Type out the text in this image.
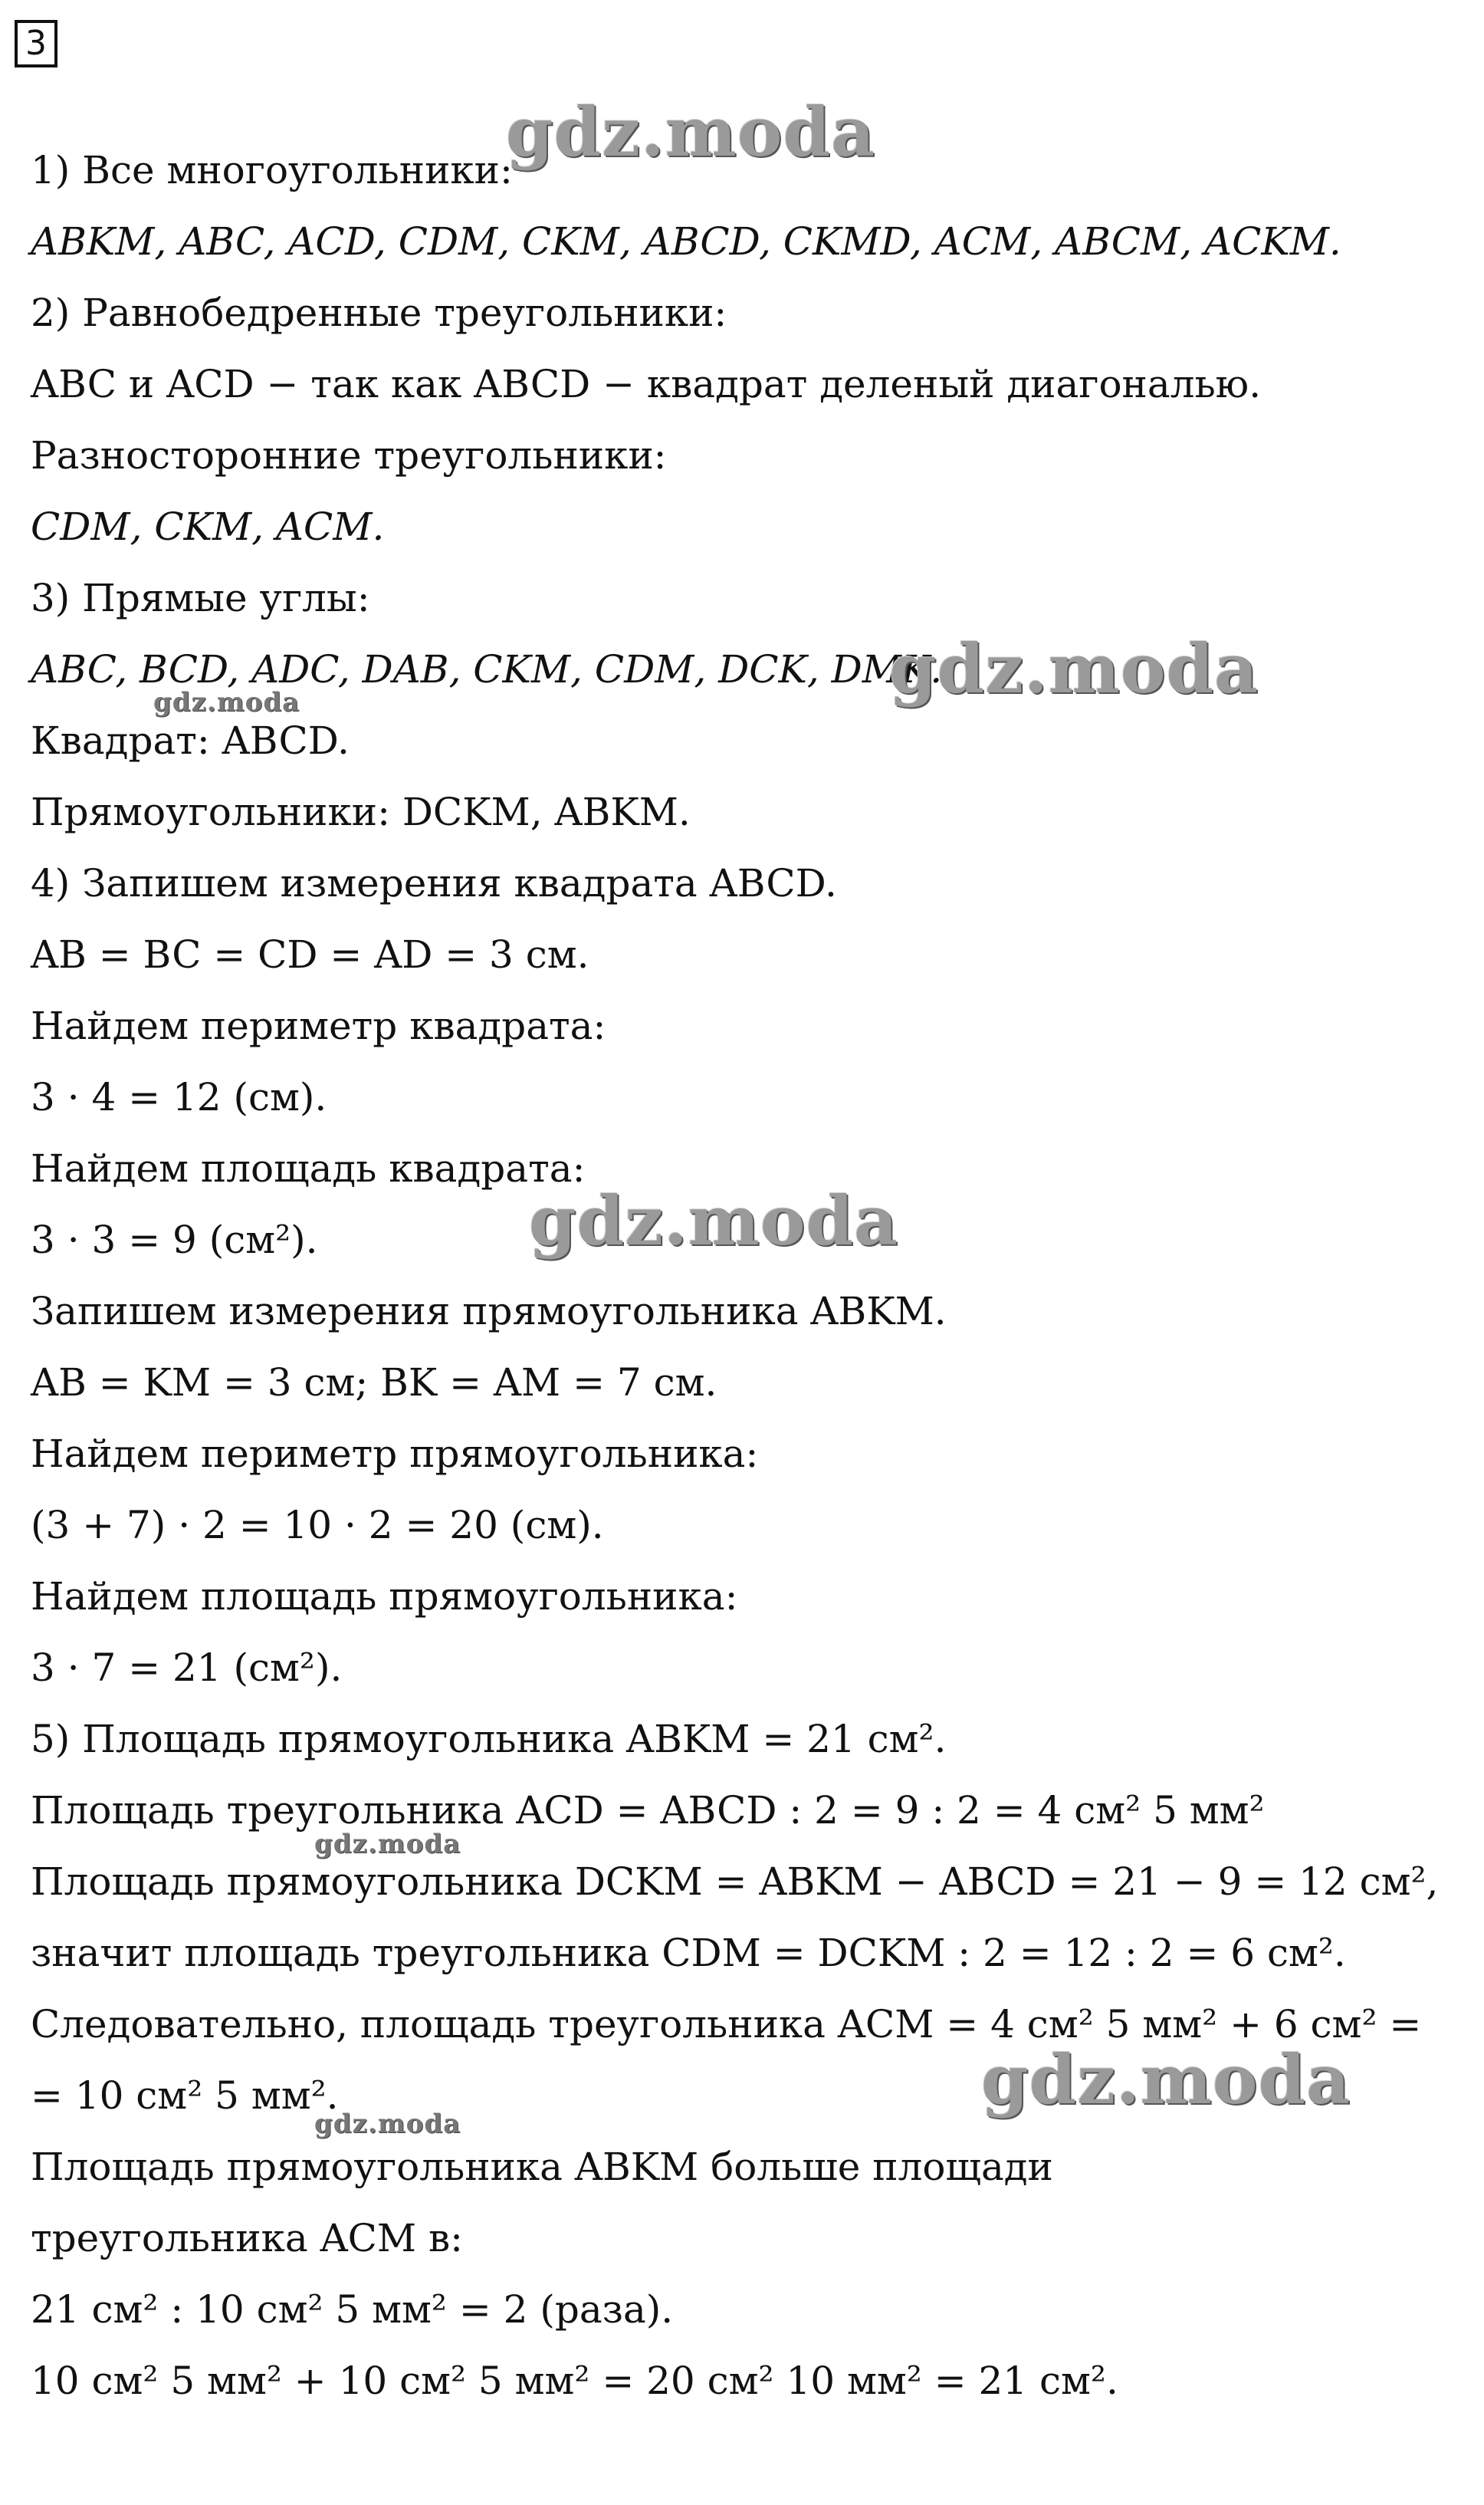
3
1) Все многоугольники:
ABKM, ABC, ACD, CDM, CKM, ABCD, CKMD, ACM, ABCM, ACKM.
2) Равнобедренные треугольники:
ABC и ACD − так как ABCD − квадрат деленый диагональю.
Разносторонние треугольники:
CDM, CKM, ACM.
3) Прямые углы:
ABC, BCD, ADC, DAB, CKM, CDM, DCK, DMK.
Квадрат: ABCD.
Прямоугольники: DCKM, ABKM.
4) Запишем измерения квадрата ABCD.
AB = BC = CD = AD = 3 см.
Найдем периметр квадрата:
3 · 4 = 12 (см).
Найдем площадь квадрата:
3 · 3 = 9 (см²).
Запишем измерения прямоугольника ABKM.
AB = KM = 3 см; BK = AM = 7 см.
Найдем периметр прямоугольника:
(3 + 7) · 2 = 10 · 2 = 20 (см).
Найдем площадь прямоугольника:
3 · 7 = 21 (см²).
5) Площадь прямоугольника ABKM = 21 см².
Площадь треугольника ACD = ABCD : 2 = 9 : 2 = 4 см² 5 мм²
Площадь прямоугольника DCKM = ABKM − ABCD = 21 − 9 = 12 см²,
значит площадь треугольника CDM = DCKM : 2 = 12 : 2 = 6 см².
Следовательно, площадь треугольника ACM = 4 см² 5 мм² + 6 см² =
= 10 см² 5 мм².
Площадь прямоугольника ABKM больше площади
треугольника ACM в:
21 см² : 10 см² 5 мм² = 2 (раза).
10 см² 5 мм² + 10 см² 5 мм² = 20 см² 10 мм² = 21 см².
gdz.moda
gdz.moda
gdz.moda
gdz.moda
gdz.moda
gdz.moda
gdz.moda
